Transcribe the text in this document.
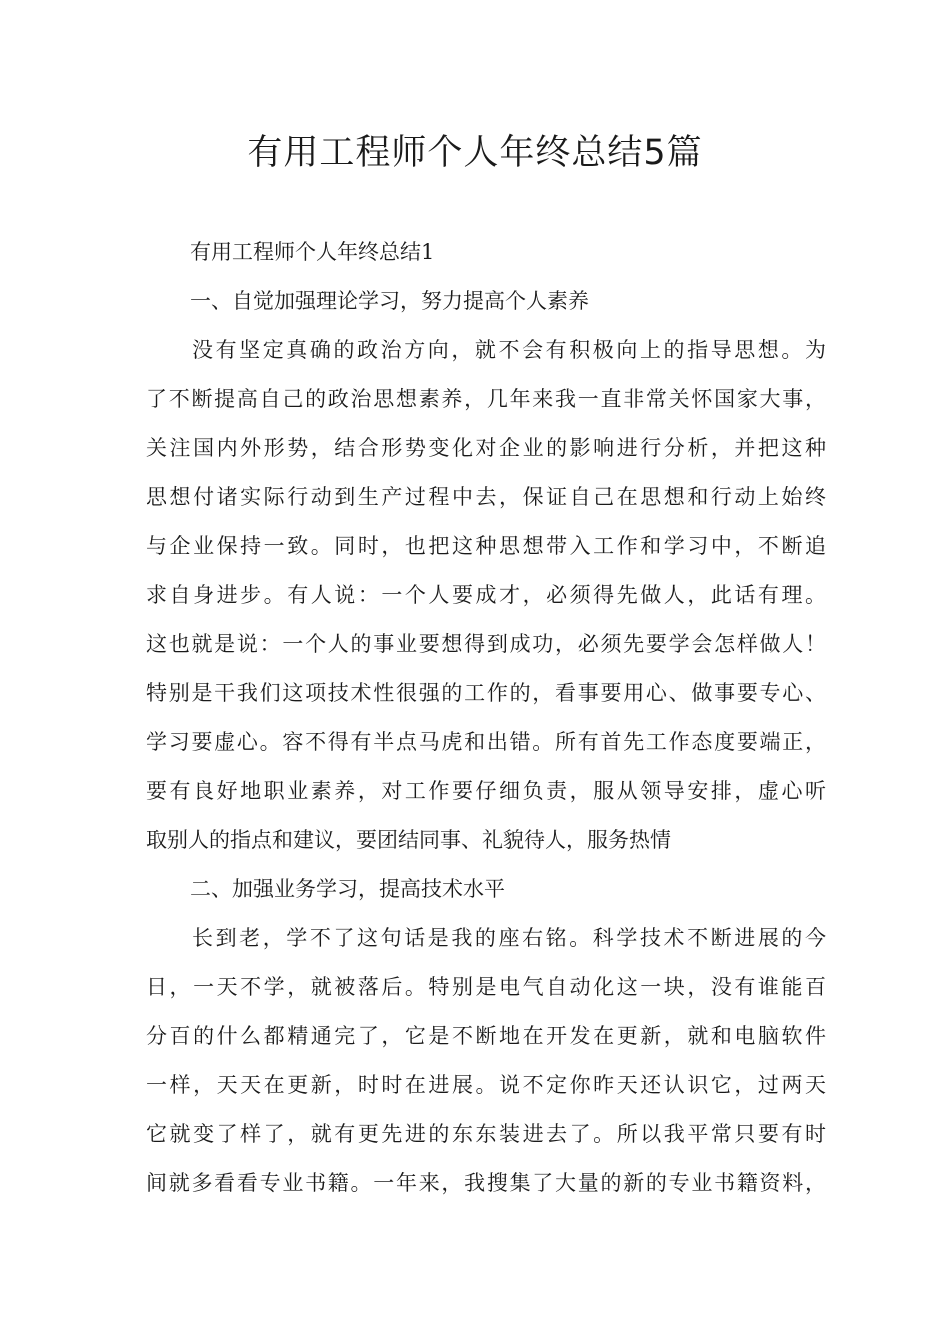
有用工程师个人年终总结5篇

有用工程师个人年终总结1

一、自觉加强理论学习，努力提高个人素养

没有坚定真确的政治方向，就不会有积极向上的指导思想。为

了不断提高自己的政治思想素养，几年来我一直非常关怀国家大事，

关注国内外形势，结合形势变化对企业的影响进行分析，并把这种

思想付诸实际行动到生产过程中去，保证自己在思想和行动上始终

与企业保持一致。同时，也把这种思想带入工作和学习中，不断追

求自身进步。有人说：一个人要成才，必须得先做人，此话有理。

这也就是说：一个人的事业要想得到成功，必须先要学会怎样做人！

特别是干我们这项技术性很强的工作的，看事要用心、做事要专心、

学习要虚心。容不得有半点马虎和出错。所有首先工作态度要端正，

要有良好地职业素养，对工作要仔细负责，服从领导安排，虚心听

取别人的指点和建议，要团结同事、礼貌待人，服务热情

二、加强业务学习，提高技术水平

长到老，学不了这句话是我的座右铭。科学技术不断进展的今

日，一天不学，就被落后。特别是电气自动化这一块，没有谁能百

分百的什么都精通完了，它是不断地在开发在更新，就和电脑软件

一样，天天在更新，时时在进展。说不定你昨天还认识它，过两天

它就变了样了，就有更先进的东东装进去了。所以我平常只要有时

间就多看看专业书籍。一年来，我搜集了大量的新的专业书籍资料，
